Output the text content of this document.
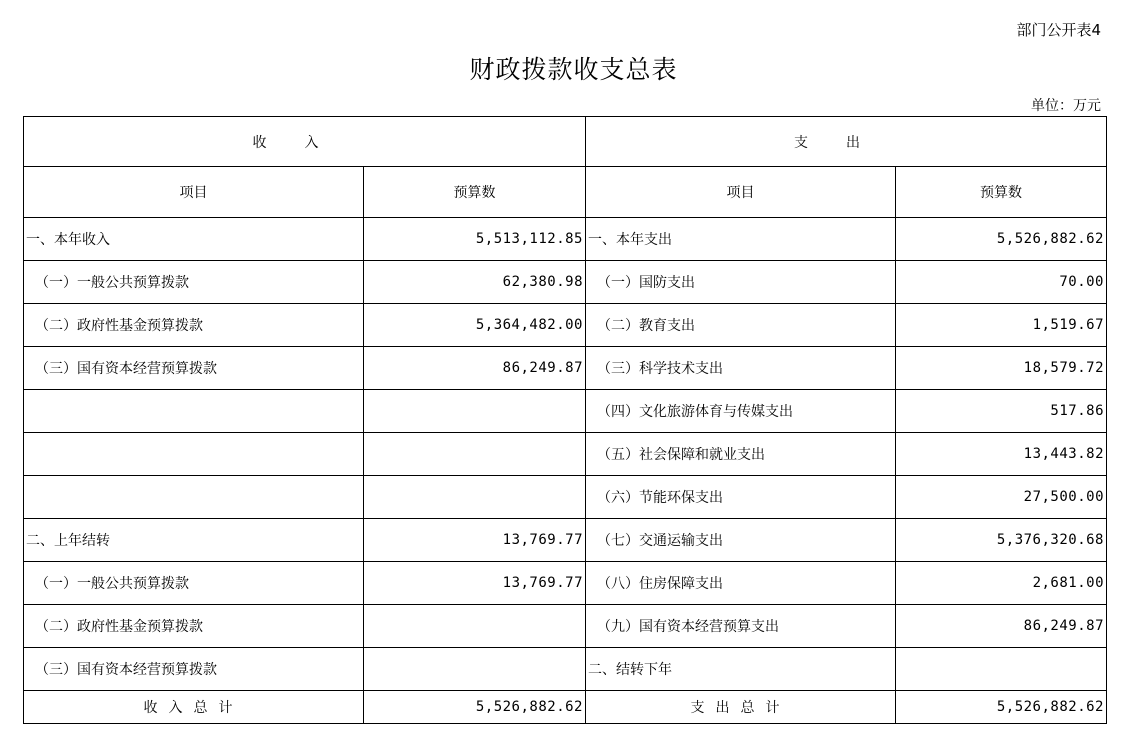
部门公开表4
财政拨款收支总表
单位：万元
收入		支出	
项目	预算数	项目	预算数
一、本年收入	5,513,112.85	一、本年支出	5,526,882.62
（一）一般公共预算拨款	62,380.98	（一）国防支出	70.00
（二）政府性基金预算拨款	5,364,482.00	（二）教育支出	1,519.67
（三）国有资本经营预算拨款	86,249.87	（三）科学技术支出	18,579.72
		（四）文化旅游体育与传媒支出	517.86
		（五）社会保障和就业支出	13,443.82
		（六）节能环保支出	27,500.00
二、上年结转	13,769.77	（七）交通运输支出	5,376,320.68
（一）一般公共预算拨款	13,769.77	（八）住房保障支出	2,681.00
（二）政府性基金预算拨款		（九）国有资本经营预算支出	86,249.87
（三）国有资本经营预算拨款		二、结转下年	
收入总计	5,526,882.62	支出总计	5,526,882.62
